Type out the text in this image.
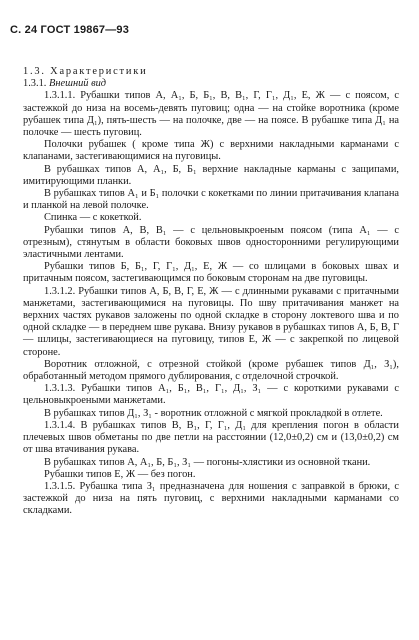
С. 24 ГОСТ 19867—93

1.3. Характеристики

1.3.1. Внешний вид

1.3.1.1. Рубашки типов А, А₁, Б, Б₁, В, В₁, Г, Г₁, Д₁, Е, Ж — с поясом, с застежкой до низа на восемь-девять пуговиц; одна — на стойке воротника (кроме рубашек типа Д₁), пять-шесть — на полочке, две — на поясе. В рубашке типа Д₁ на полочке — шесть пуговиц.

Полочки рубашек ( кроме типа Ж) с верхними накладными карманами с клапанами, застегивающимися на пуговицы.

В рубашках типов А, А₁, Б, Б₁ верхние накладные карманы с защипами, имитирующими планки.

В рубашках типов А₁ и Б₁ полочки с кокетками по линии притачивания клапана и планкой на левой полочке.

Спинка — с кокеткой.

Рубашки типов А, В, В₁ — с цельновыкроеным поясом (типа А₁ — с отрезным), стянутым в области боковых швов односторонними регулирующими эластичными лентами.

Рубашки типов Б, Б₁, Г, Г₁, Д₁, Е, Ж — со шлицами в боковых швах и притачным поясом, застегивающимся по боковым сторонам на две пуговицы.

1.3.1.2. Рубашки типов А, Б, В, Г, Е, Ж — с длинными рукавами с притачными манжетами, застегивающимися на пуговицы. По шву притачивания манжет на верхних частях рукавов заложены по одной складке в сторону локтевого шва и по одной складке — в переднем шве рукава. Внизу рукавов в рубашках типов А, Б, В, Г — шлицы, застегивающиеся на пуговицу, типов Е, Ж — с закрепкой по лицевой стороне.

Воротник отложной, с отрезной стойкой (кроме рубашек типов Д₁, З₁), обработанный методом прямого дублирования, с отделочной строчкой.

1.3.1.3. Рубашки типов А₁, Б₁, В₁, Г₁, Д₁, З₁ — с короткими рукавами с цельновыкроеными манжетами.

В рубашках типов Д₁, З₁ - воротник отложной с мягкой прокладкой в отлете.

1.3.1.4. В рубашках типов В, В₁, Г, Г₁, Д₁ для крепления погон в области плечевых швов обметаны по две петли на расстоянии (12,0±0,2) см и (13,0±0,2) см от шва втачивания рукава.

В рубашках типов А, А₁, Б, Б₁, З₁ — погоны-хлястики из основной ткани.

Рубашки типов Е, Ж — без погон.

1.3.1.5. Рубашка типа З₁ предназначена для ношения с заправкой в брюки, с застежкой до низа на пять пуговиц, с верхними накладными карманами со складками.
